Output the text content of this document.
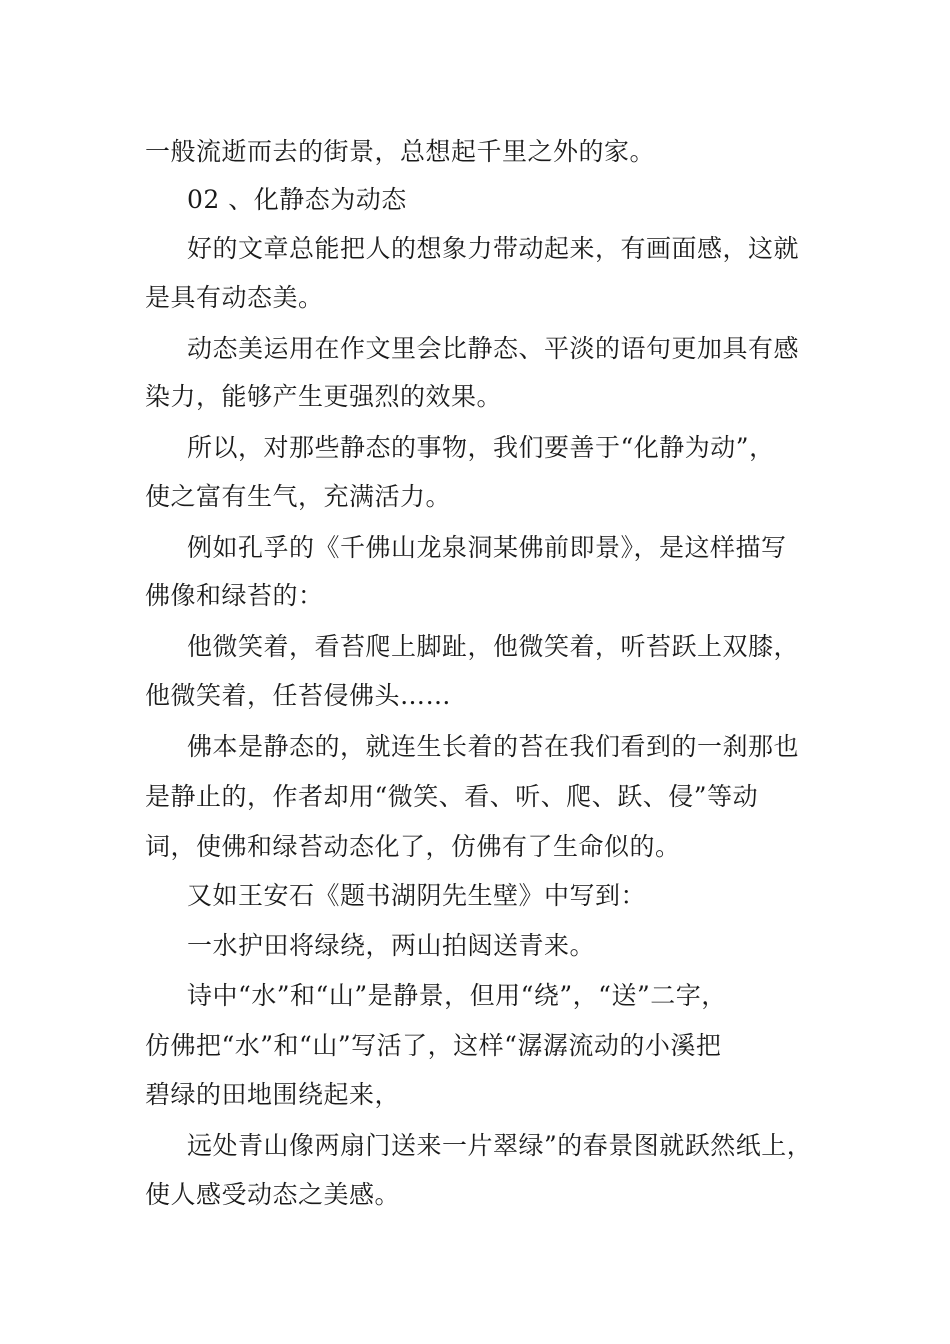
一般流逝而去的街景，总想起千里之外的家。
02 、化静态为动态
好的文章总能把人的想象力带动起来，有画面感，这就
是具有动态美。
动态美运用在作文里会比静态、平淡的语句更加具有感
染力，能够产生更强烈的效果。
所以，对那些静态的事物，我们要善于“化静为动”，
使之富有生气，充满活力。
例如孔孚的《千佛山龙泉洞某佛前即景》，是这样描写
佛像和绿苔的：
他微笑着，看苔爬上脚趾，他微笑着，听苔跃上双膝，
他微笑着，任苔侵佛头……
佛本是静态的，就连生长着的苔在我们看到的一刹那也
是静止的，作者却用“微笑、看、听、爬、跃、侵”等动
词，使佛和绿苔动态化了，仿佛有了生命似的。
又如王安石《题书湖阴先生壁》中写到：
一水护田将绿绕，两山拍闼送青来。
诗中“水”和“山”是静景，但用“绕”，“送”二字，
仿佛把“水”和“山”写活了，这样“潺潺流动的小溪把
碧绿的田地围绕起来，
远处青山像两扇门送来一片翠绿”的春景图就跃然纸上，
使人感受动态之美感。
